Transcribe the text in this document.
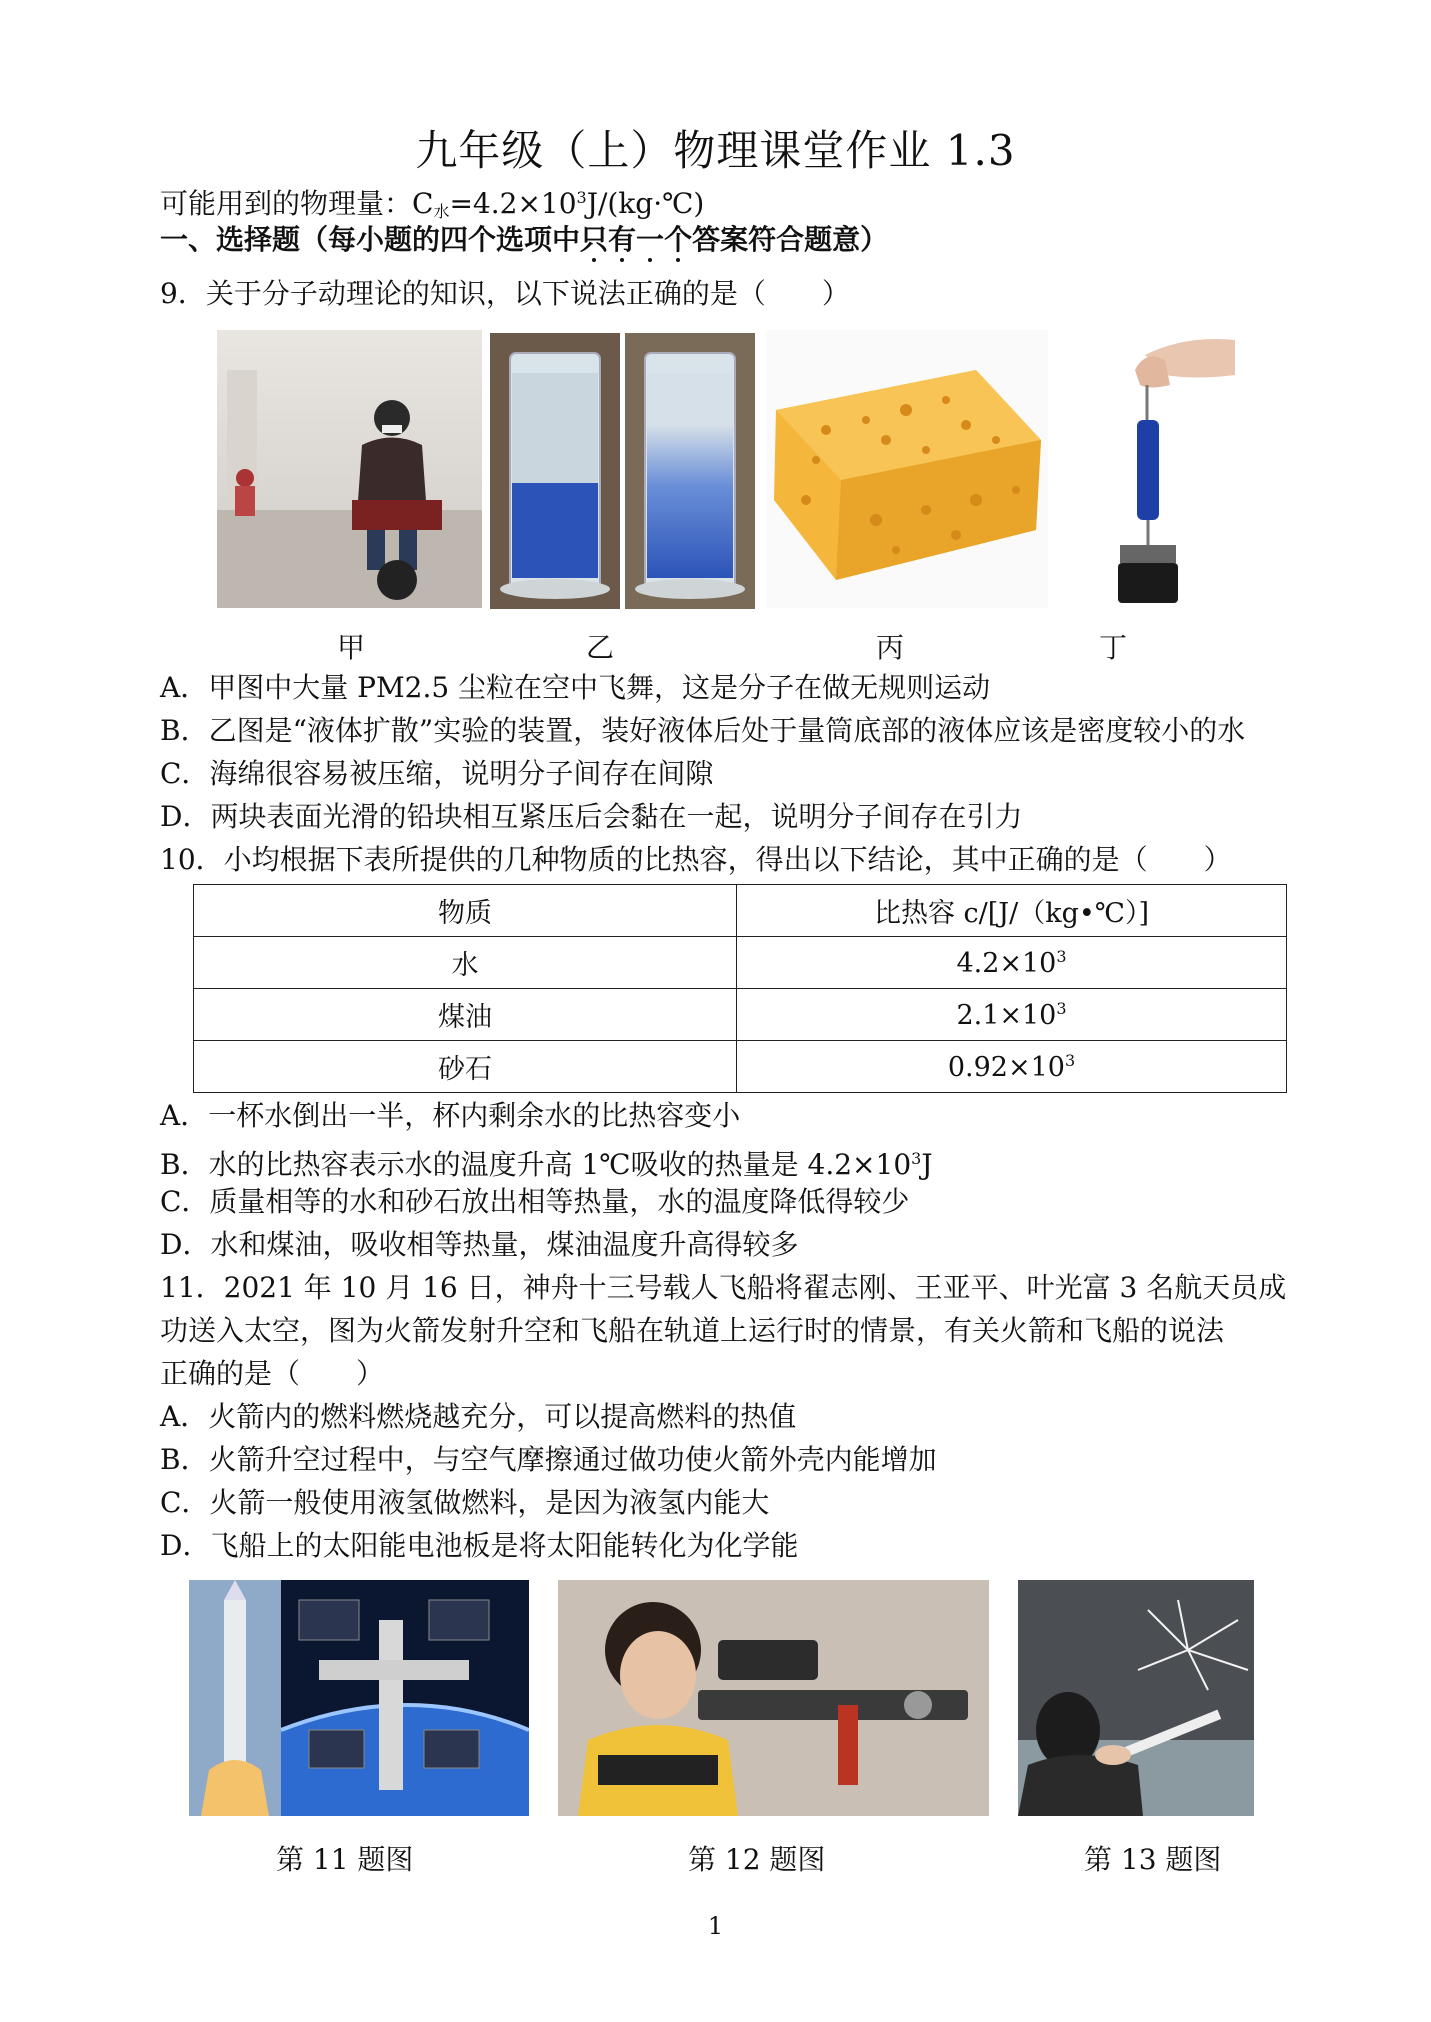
九年级（上）物理课堂作业 1.3
可能用到的物理量：$C_水=4.2\times 10^3J/(kg\cdot℃)$
一、选择题（每小题的四个选项中只有一个答案符合题意）
9．关于分子动理论的知识，以下说法正确的是（　　）
甲	乙	丙	丁
A．甲图中大量 PM2.5 尘粒在空中飞舞，这是分子在做无规则运动
B．乙图是“液体扩散”实验的装置，装好液体后处于量筒底部的液体应该是密度较小的水
C．海绵很容易被压缩，说明分子间存在间隙
D．两块表面光滑的铅块相互紧压后会黏在一起，说明分子间存在引力
10．小均根据下表所提供的几种物质的比热容，得出以下结论，其中正确的是（　　）
物质	比热容 c/[J/（kg•℃）]
水	$4.2\times 10^3$
煤油	$2.1\times 10^3$
砂石	$0.92\times 10^3$
A．一杯水倒出一半，杯内剩余水的比热容变小
B．水的比热容表示水的温度升高 1℃吸收的热量是 $4.2\times 10^3J$
C．质量相等的水和砂石放出相等热量，水的温度降低得较少
D．水和煤油，吸收相等热量，煤油温度升高得较多
11．2021 年 10 月 16 日，神舟十三号载人飞船将翟志刚、王亚平、叶光富 3 名航天员成
功送入太空，图为火箭发射升空和飞船在轨道上运行时的情景，有关火箭和飞船的说法
正确的是（　　）
A．火箭内的燃料燃烧越充分，可以提高燃料的热值
B．火箭升空过程中，与空气摩擦通过做功使火箭外壳内能增加
C．火箭一般使用液氢做燃料，是因为液氢内能大
D．飞船上的太阳能电池板是将太阳能转化为化学能
第 11 题图	第 12 题图	第 13 题图
1
